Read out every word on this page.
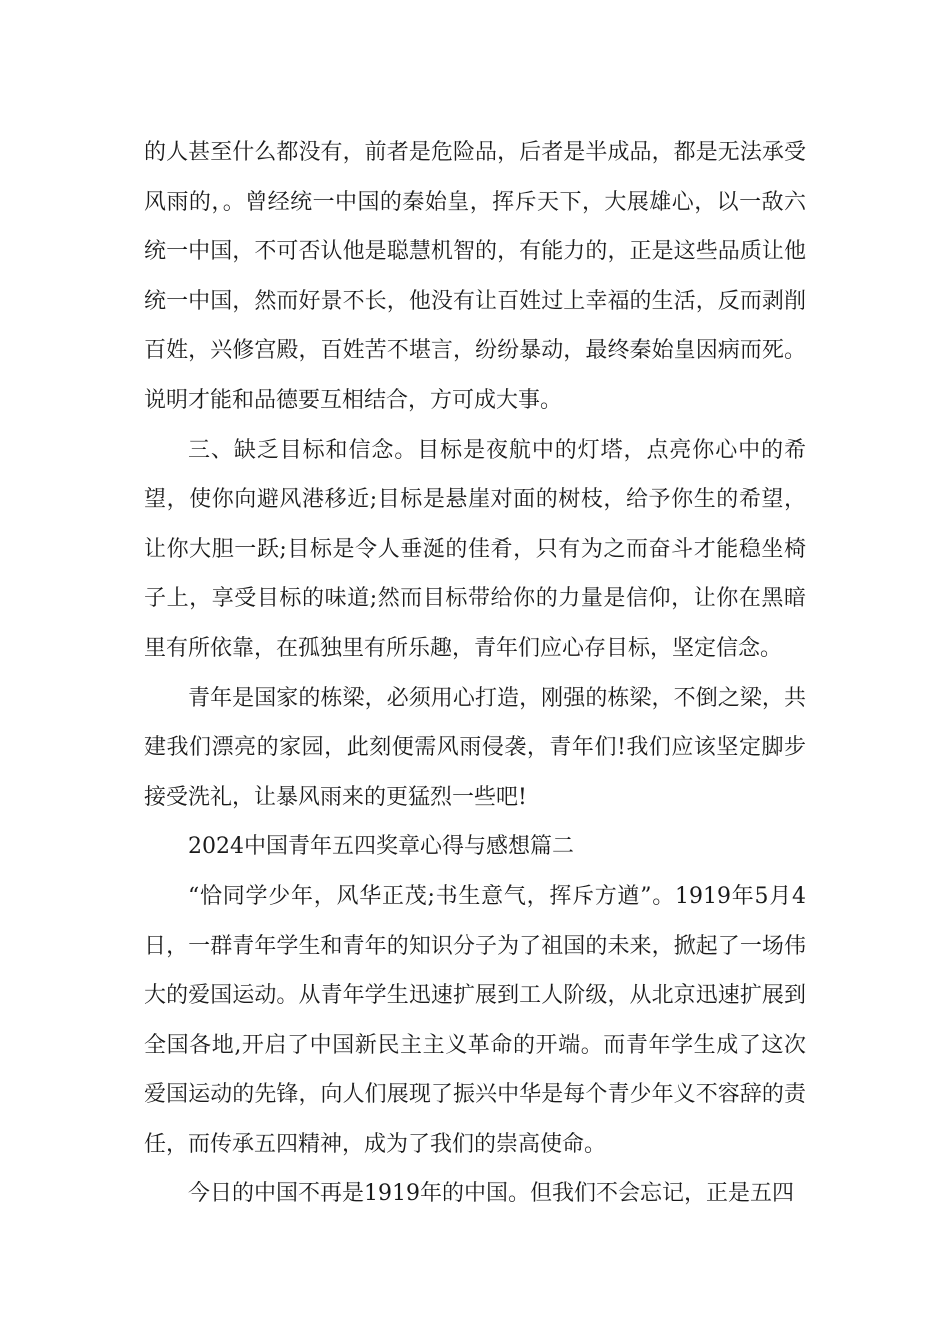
的人甚至什么都没有，前者是危险品，后者是半成品，都是无法承受风雨的，。曾经统一中国的秦始皇，挥斥天下，大展雄心，以一敌六统一中国，不可否认他是聪慧机智的，有能力的，正是这些品质让他统一中国，然而好景不长，他没有让百姓过上幸福的生活，反而剥削百姓，兴修宫殿，百姓苦不堪言，纷纷暴动，最终秦始皇因病而死。说明才能和品德要互相结合，方可成大事。

三、缺乏目标和信念。目标是夜航中的灯塔，点亮你心中的希望，使你向避风港移近;目标是悬崖对面的树枝，给予你生的希望，让你大胆一跃;目标是令人垂涎的佳肴，只有为之而奋斗才能稳坐椅子上，享受目标的味道;然而目标带给你的力量是信仰，让你在黑暗里有所依靠，在孤独里有所乐趣，青年们应心存目标，坚定信念。

青年是国家的栋梁，必须用心打造，刚强的栋梁，不倒之梁，共建我们漂亮的家园，此刻便需风雨侵袭，青年们!我们应该坚定脚步接受洗礼，让暴风雨来的更猛烈一些吧!

2024中国青年五四奖章心得与感想篇二

“恰同学少年，风华正茂;书生意气，挥斥方遒”。1919年5月4日，一群青年学生和青年的知识分子为了祖国的未来，掀起了一场伟大的爱国运动。从青年学生迅速扩展到工人阶级，从北京迅速扩展到全国各地,开启了中国新民主主义革命的开端。而青年学生成了这次爱国运动的先锋，向人们展现了振兴中华是每个青少年义不容辞的责任，而传承五四精神，成为了我们的崇高使命。

今日的中国不再是1919年的中国。但我们不会忘记，正是五四
